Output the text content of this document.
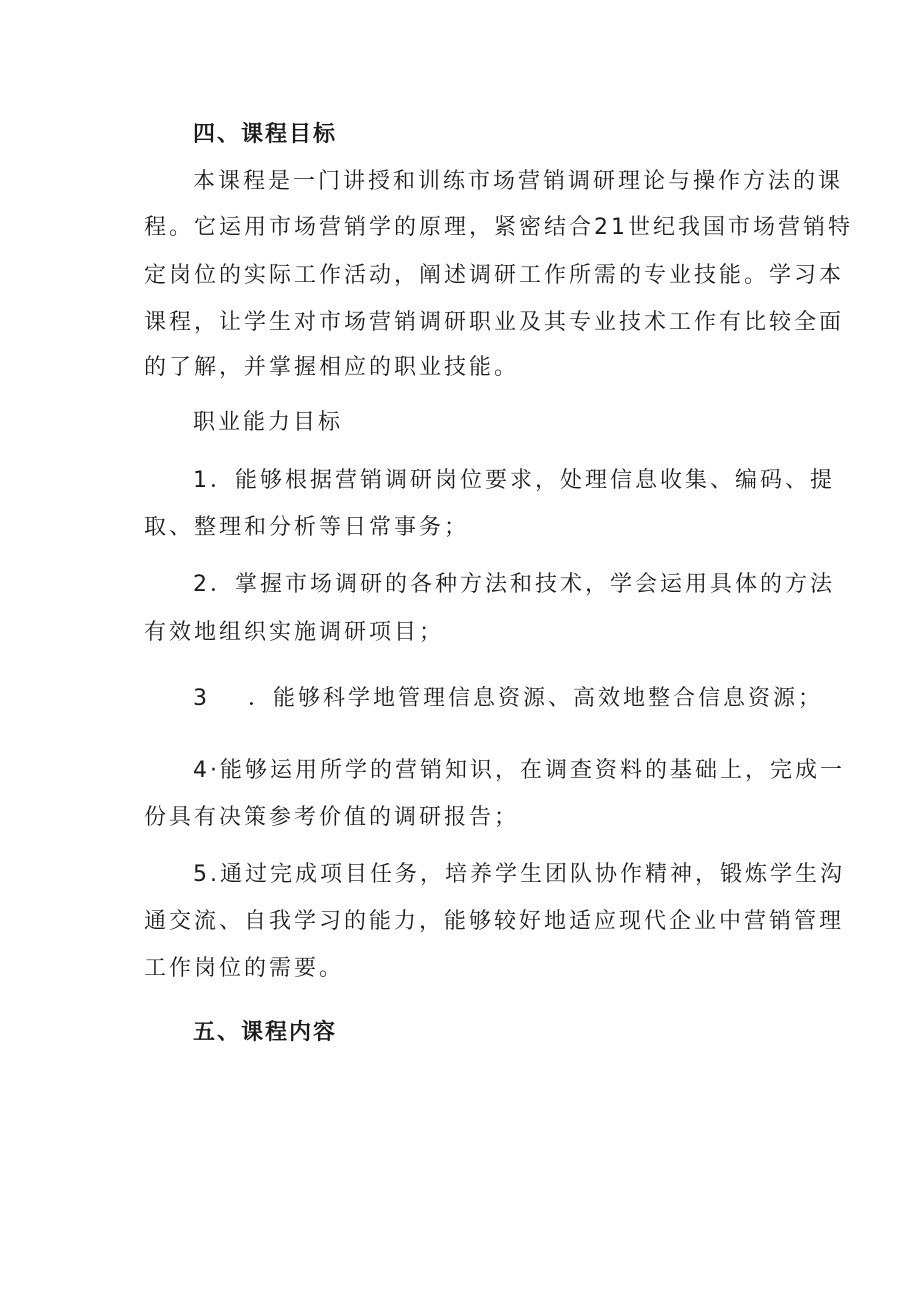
四、课程目标
本课程是一门讲授和训练市场营销调研理论与操作方法的课
程。它运用市场营销学的原理，紧密结合21世纪我国市场营销特
定岗位的实际工作活动，阐述调研工作所需的专业技能。学习本
课程，让学生对市场营销调研职业及其专业技术工作有比较全面
的了解，并掌握相应的职业技能。
职业能力目标
1．能够根据营销调研岗位要求，处理信息收集、编码、提
取、整理和分析等日常事务；
2．掌握市场调研的各种方法和技术，学会运用具体的方法
有效地组织实施调研项目；
3 ．能够科学地管理信息资源、高效地整合信息资源；
4·能够运用所学的营销知识，在调查资料的基础上，完成一
份具有决策参考价值的调研报告；
5.通过完成项目任务，培养学生团队协作精神，锻炼学生沟
通交流、自我学习的能力，能够较好地适应现代企业中营销管理
工作岗位的需要。
五、课程内容
